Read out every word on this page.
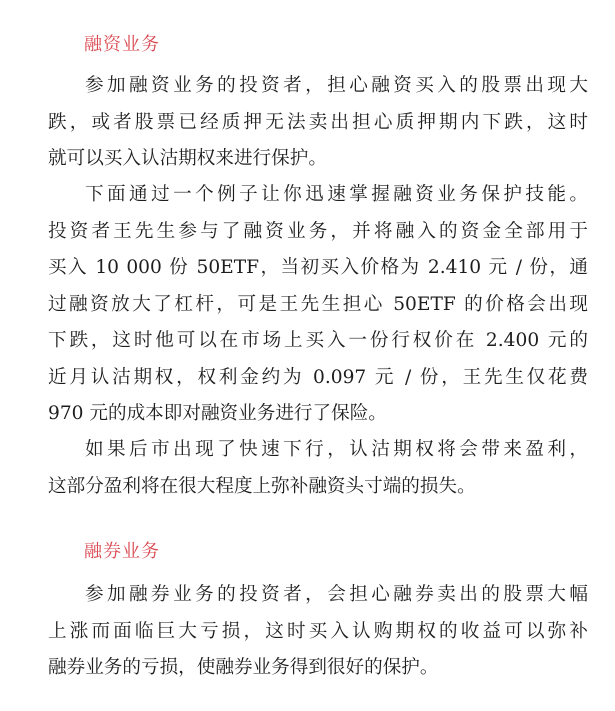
融资业务

参加融资业务的投资者，担心融资买入的股票出现大
跌，或者股票已经质押无法卖出担心质押期内下跌，这时
就可以买入认沽期权来进行保护。

下面通过一个例子让你迅速掌握融资业务保护技能。
投资者王先生参与了融资业务，并将融入的资金全部用于
买入 10 000 份 50ETF，当初买入价格为 2.410 元 / 份，通
过融资放大了杠杆，可是王先生担心 50ETF 的价格会出现
下跌，这时他可以在市场上买入一份行权价在 2.400 元的
近月认沽期权，权利金约为 0.097 元 / 份，王先生仅花费
970 元的成本即对融资业务进行了保险。

如果后市出现了快速下行，认沽期权将会带来盈利，
这部分盈利将在很大程度上弥补融资头寸端的损失。

融券业务

参加融券业务的投资者，会担心融券卖出的股票大幅
上涨而面临巨大亏损，这时买入认购期权的收益可以弥补
融券业务的亏损，使融券业务得到很好的保护。
